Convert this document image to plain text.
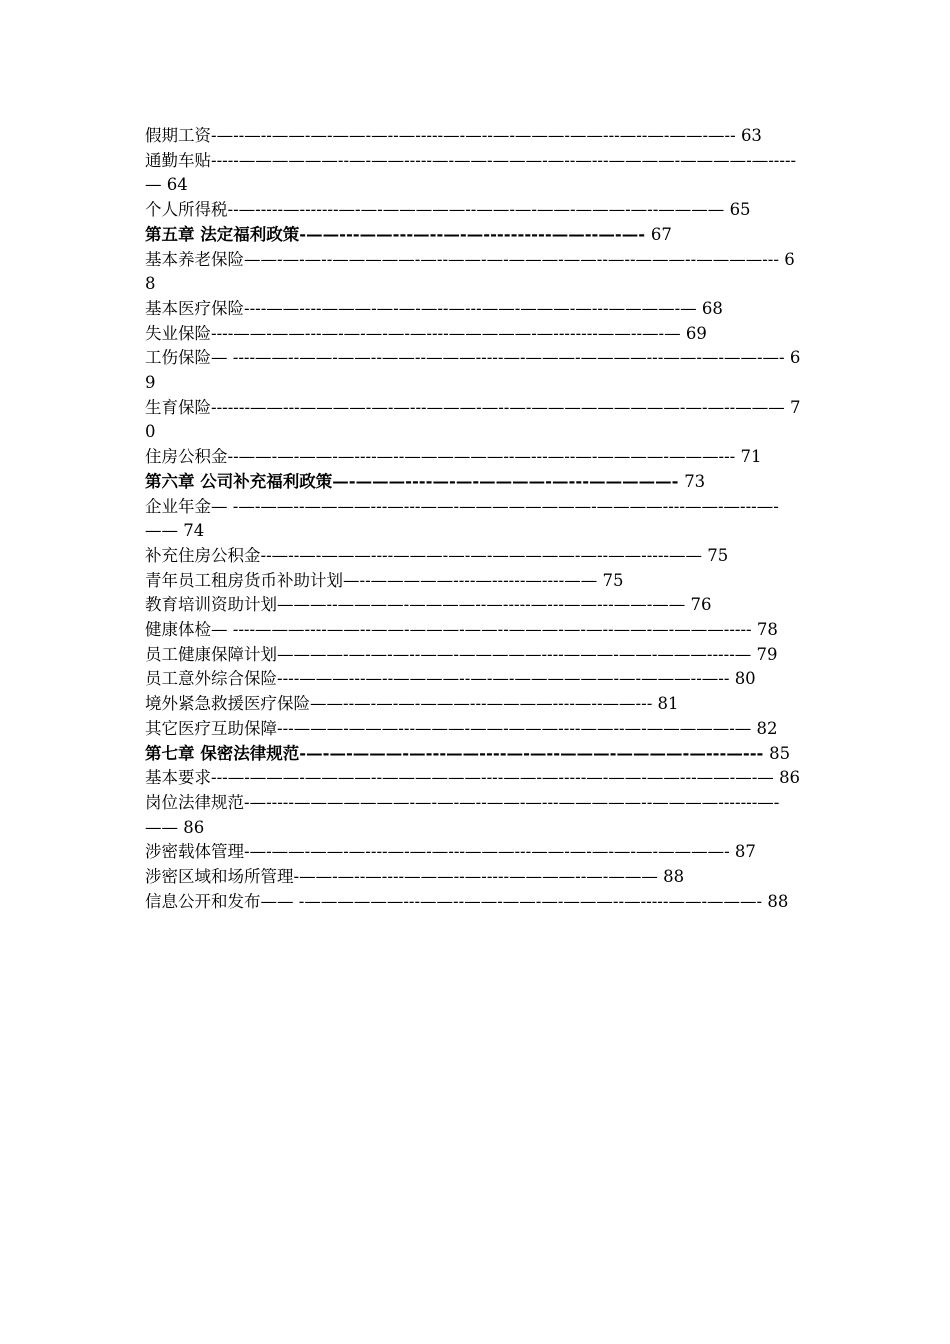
假期工资-—--—--——-—-——-—--—-----—-—--—-———-——---—--—-——-—-- 63
通勤车贴-----——————--—-——-----—-——-———-—--—---————-————-—-----— 64
个人所得税--—-----—-------—-—-—————--——-—-——-———-—--———— 65
第五章 法定福利政策-——---——---—--—-—----------——--—-—- 67
基本养老保险——-—-—--—————-—--——-—-———-——--—--———--————--- 68
基本医疗保险----——----———-—-—-—--—---——-———-—---————-— 68
失业保险----——-——---—-—-—-—-—----—————-—--------——--—-— 69
工伤保险— ----——--——-——--——--———-----—-———-————---——-—-——-—- 69
生育保险-------——---————-—-—---———-—--—-—————————-—-—--——— 70
住房公积金--——-—-——-—----—--——————--—---—--—-————-———--- 71
第六章 公司补充福利政策—-———----—-—-————-—---—————- 73
企业年金— -—-——--————---—---——-————————-————----——-—---—-—— 74
补充住房公积金--—--—-———----———-—-—-—————-—--——-----—— 75
青年员工租房货币补助计划—--—————----—------—----—— 75
教育培训资助计划———--————-————--—-----—---——---——-—— 76
健康体检— ----———----——--——-———-——--———-—-—--——-—-———----- 78
员工健康保障计划————-—-—-—--——-—————----———-——-———-----— 79
员工意外综合保险----———---—--————--—-—-——————-—-———--—-- 80
境外紧急救援医疗保险——--—-—-—-———---————----—--——--- 81
其它医疗互助保障---———-———---———-——-———----——--—-—————-— 82
第七章 保密法律规范-—-—-———-—---——----—-—--———-————-—---—--- 85
基本要求---—-———-————--——————----——-—-----—-——-——---——-—-— 86
岗位法律规范-—-----———————-—-—-—--——-—---—————--————-------—-—— 86
涉密载体管理-—-——-——-—----—-—-—---———---——-—-—-—-—-————- 87
涉密区域和场所管理-——-—--—----———--—-----————--—-——— 88
信息公开和发布—— -——————---——--——-——-—-———--—-----——-———- 88
